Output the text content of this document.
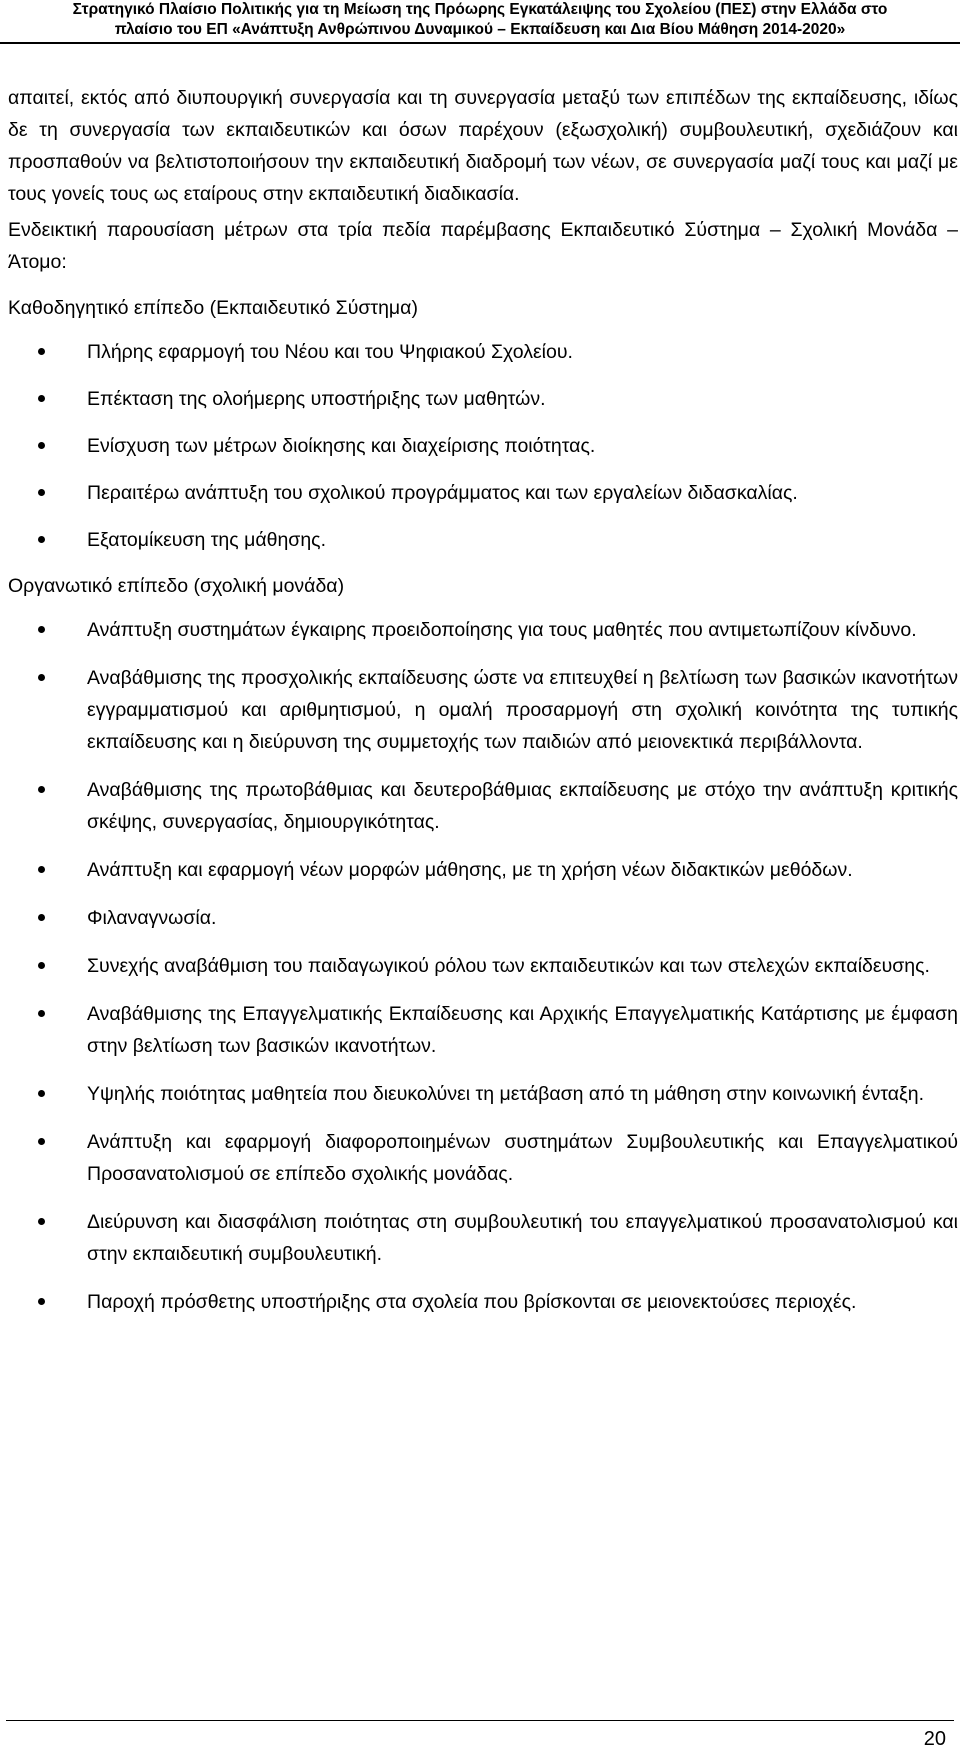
Στρατηγικό Πλαίσιο Πολιτικής για τη Μείωση της Πρόωρης Εγκατάλειψης του Σχολείου (ΠΕΣ) στην Ελλάδα στο
πλαίσιο του ΕΠ «Ανάπτυξη Ανθρώπινου Δυναμικού – Εκπαίδευση και Δια Βίου Μάθηση 2014-2020»

απαιτεί, εκτός από διυπουργική συνεργασία και τη συνεργασία μεταξύ των επιπέδων της εκπαίδευσης, ιδίως δε τη συνεργασία των εκπαιδευτικών και όσων παρέχουν (εξωσχολική) συμβουλευτική, σχεδιάζουν και προσπαθούν να βελτιστοποιήσουν την εκπαιδευτική διαδρομή των νέων, σε συνεργασία μαζί τους και μαζί με τους γονείς τους ως εταίρους στην εκπαιδευτική διαδικασία.

Ενδεικτική παρουσίαση μέτρων στα τρία πεδία παρέμβασης Εκπαιδευτικό Σύστημα – Σχολική Μονάδα – Άτομο:

Καθοδηγητικό επίπεδο (Εκπαιδευτικό Σύστημα)

Πλήρης εφαρμογή του Νέου και του Ψηφιακού Σχολείου.
Επέκταση της ολοήμερης υποστήριξης των μαθητών.
Ενίσχυση των μέτρων διοίκησης και διαχείρισης ποιότητας.
Περαιτέρω ανάπτυξη του σχολικού προγράμματος και των εργαλείων διδασκαλίας.
Εξατομίκευση της μάθησης.

Οργανωτικό επίπεδο (σχολική μονάδα)

Ανάπτυξη συστημάτων έγκαιρης προειδοποίησης για τους μαθητές που αντιμετωπίζουν κίνδυνο.
Αναβάθμισης της προσχολικής εκπαίδευσης ώστε να επιτευχθεί η βελτίωση των βασικών ικανοτήτων εγγραμματισμού και αριθμητισμού, η ομαλή προσαρμογή στη σχολική κοινότητα της τυπικής εκπαίδευσης και η διεύρυνση της συμμετοχής των παιδιών από μειονεκτικά περιβάλλοντα.
Αναβάθμισης της πρωτοβάθμιας και δευτεροβάθμιας εκπαίδευσης με στόχο την ανάπτυξη κριτικής σκέψης, συνεργασίας, δημιουργικότητας.
Ανάπτυξη και εφαρμογή νέων μορφών μάθησης, με τη χρήση νέων διδακτικών μεθόδων.
Φιλαναγνωσία.
Συνεχής αναβάθμιση του παιδαγωγικού ρόλου των εκπαιδευτικών και των στελεχών εκπαίδευσης.
Αναβάθμισης της Επαγγελματικής Εκπαίδευσης και Αρχικής Επαγγελματικής Κατάρτισης με έμφαση στην βελτίωση των βασικών ικανοτήτων.
Υψηλής ποιότητας μαθητεία που διευκολύνει τη μετάβαση από τη μάθηση στην κοινωνική ένταξη.
Ανάπτυξη και εφαρμογή διαφοροποιημένων συστημάτων Συμβουλευτικής και Επαγγελματικού Προσανατολισμού σε επίπεδο σχολικής μονάδας.
Διεύρυνση και διασφάλιση ποιότητας στη συμβουλευτική του επαγγελματικού προσανατολισμού και στην εκπαιδευτική συμβουλευτική.
Παροχή πρόσθετης υποστήριξης στα σχολεία που βρίσκονται σε μειονεκτούσες περιοχές.
20
